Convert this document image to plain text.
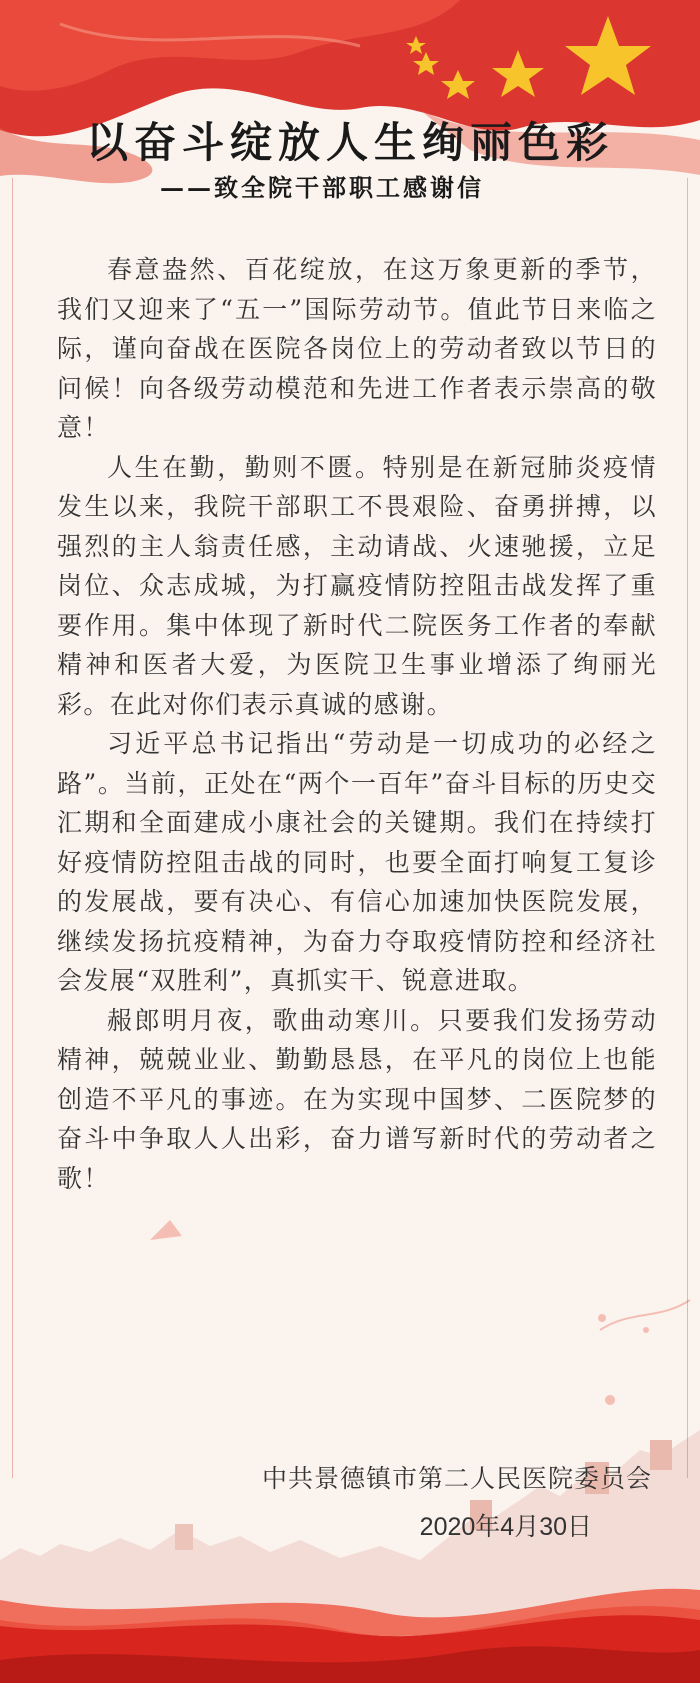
以奋斗绽放人生绚丽色彩
——致全院干部职工感谢信

春意盎然、百花绽放，在这万象更新的季节，我们又迎来了“五一”国际劳动节。值此节日来临之际，谨向奋战在医院各岗位上的劳动者致以节日的问候！向各级劳动模范和先进工作者表示崇高的敬意！

人生在勤，勤则不匮。特别是在新冠肺炎疫情发生以来，我院干部职工不畏艰险、奋勇拼搏，以强烈的主人翁责任感，主动请战、火速驰援，立足岗位、众志成城，为打赢疫情防控阻击战发挥了重要作用。集中体现了新时代二院医务工作者的奉献精神和医者大爱，为医院卫生事业增添了绚丽光彩。在此对你们表示真诚的感谢。

习近平总书记指出“劳动是一切成功的必经之路”。当前，正处在“两个一百年”奋斗目标的历史交汇期和全面建成小康社会的关键期。我们在持续打好疫情防控阻击战的同时，也要全面打响复工复诊的发展战，要有决心、有信心加速加快医院发展，继续发扬抗疫精神，为奋力夺取疫情防控和经济社会发展“双胜利”，真抓实干、锐意进取。

赧郎明月夜，歌曲动寒川。只要我们发扬劳动精神，兢兢业业、勤勤恳恳，在平凡的岗位上也能创造不平凡的事迹。在为实现中国梦、二医院梦的奋斗中争取人人出彩，奋力谱写新时代的劳动者之歌！

中共景德镇市第二人民医院委员会
2020年4月30日
